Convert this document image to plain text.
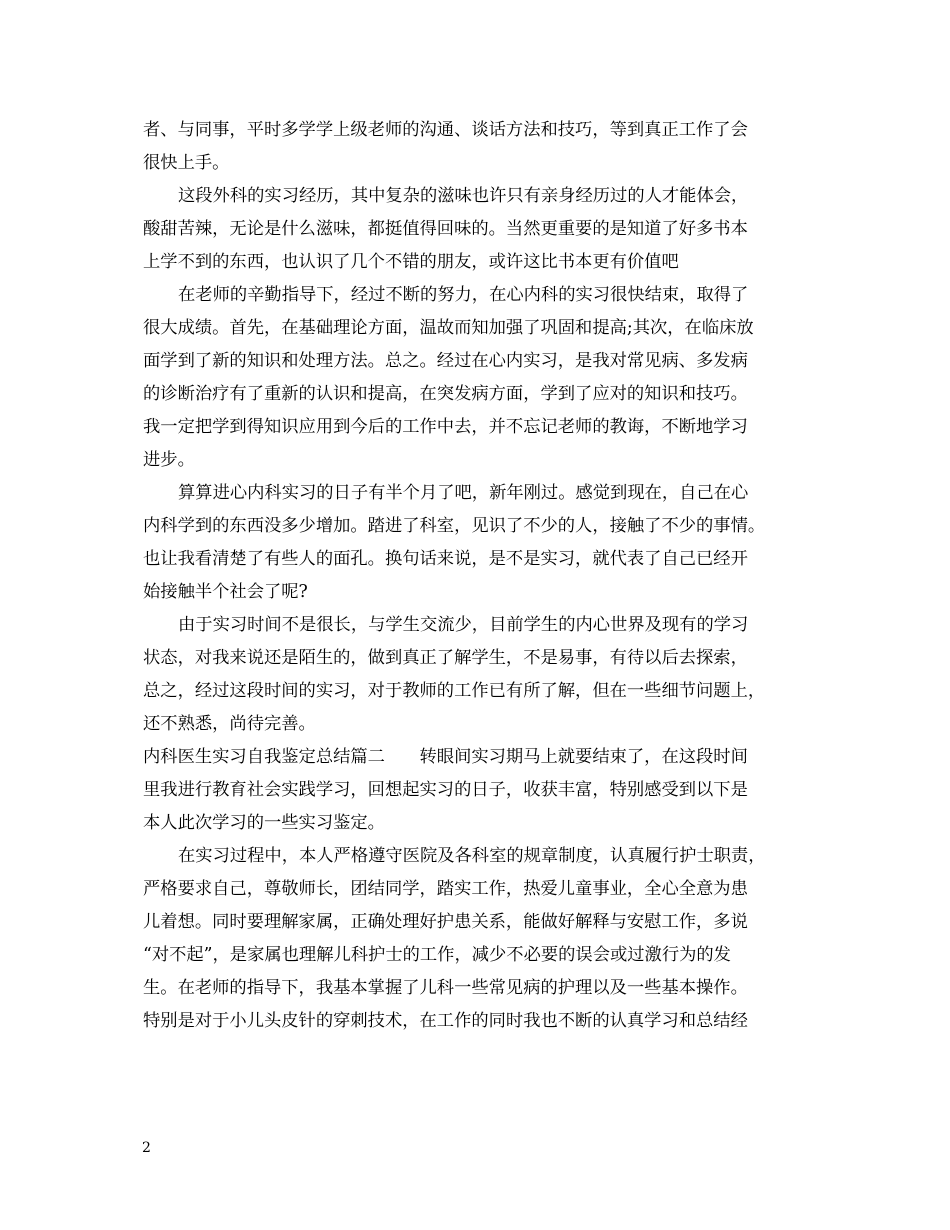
者、与同事，平时多学学上级老师的沟通、谈话方法和技巧，等到真正工作了会
很快上手。
这段外科的实习经历，其中复杂的滋味也许只有亲身经历过的人才能体会，
酸甜苦辣，无论是什么滋味，都挺值得回味的。当然更重要的是知道了好多书本
上学不到的东西，也认识了几个不错的朋友，或许这比书本更有价值吧
在老师的辛勤指导下，经过不断的努力，在心内科的实习很快结束，取得了
很大成绩。首先，在基础理论方面，温故而知加强了巩固和提高;其次，在临床放
面学到了新的知识和处理方法。总之。经过在心内实习，是我对常见病、多发病
的诊断治疗有了重新的认识和提高，在突发病方面，学到了应对的知识和技巧。
我一定把学到得知识应用到今后的工作中去，并不忘记老师的教诲，不断地学习
进步。
算算进心内科实习的日子有半个月了吧，新年刚过。感觉到现在，自己在心
内科学到的东西没多少增加。踏进了科室，见识了不少的人，接触了不少的事情。
也让我看清楚了有些人的面孔。换句话来说，是不是实习，就代表了自己已经开
始接触半个社会了呢?
由于实习时间不是很长，与学生交流少，目前学生的内心世界及现有的学习
状态，对我来说还是陌生的，做到真正了解学生，不是易事，有待以后去探索，
总之，经过这段时间的实习，对于教师的工作已有所了解，但在一些细节问题上，
还不熟悉，尚待完善。
内科医生实习自我鉴定总结篇二　　转眼间实习期马上就要结束了，在这段时间
里我进行教育社会实践学习，回想起实习的日子，收获丰富，特别感受到以下是
本人此次学习的一些实习鉴定。
在实习过程中，本人严格遵守医院及各科室的规章制度，认真履行护士职责，
严格要求自己，尊敬师长，团结同学，踏实工作，热爱儿童事业，全心全意为患
儿着想。同时要理解家属，正确处理好护患关系，能做好解释与安慰工作，多说
“对不起”，是家属也理解儿科护士的工作，减少不必要的误会或过激行为的发
生。在老师的指导下，我基本掌握了儿科一些常见病的护理以及一些基本操作。
特别是对于小儿头皮针的穿刺技术，在工作的同时我也不断的认真学习和总结经
2
